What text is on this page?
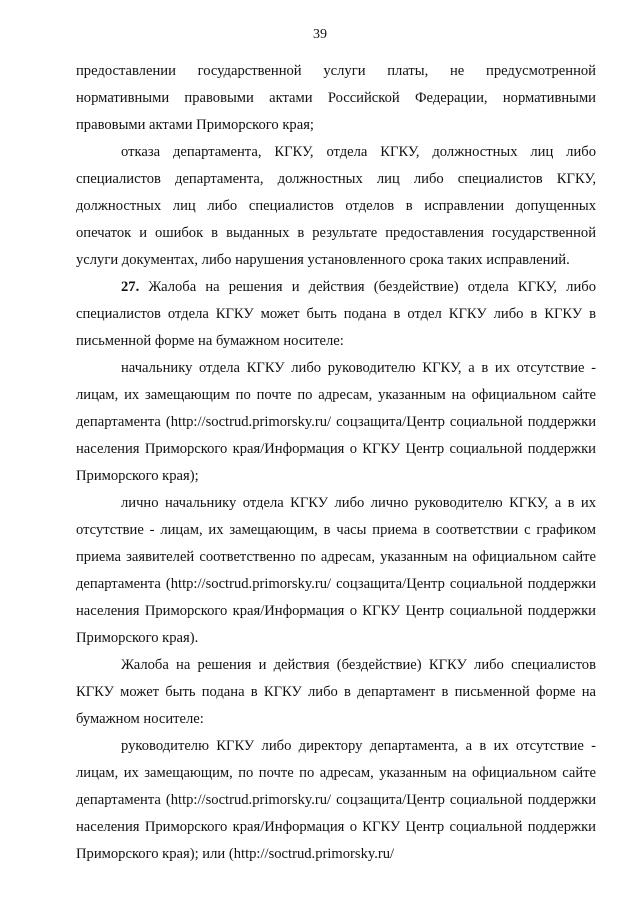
39

предоставлении государственной услуги платы, не предусмотренной нормативными правовыми актами Российской Федерации, нормативными правовыми актами Приморского края;

отказа департамента, КГКУ, отдела КГКУ, должностных лиц либо специалистов департамента, должностных лиц либо специалистов КГКУ, должностных лиц либо специалистов отделов в исправлении допущенных опечаток и ошибок в выданных в результате предоставления государственной услуги документах, либо нарушения установленного срока таких исправлений.

27. Жалоба на решения и действия (бездействие) отдела КГКУ, либо специалистов отдела КГКУ может быть подана в отдел КГКУ либо в КГКУ в письменной форме на бумажном носителе:

начальнику отдела КГКУ либо руководителю КГКУ, а в их отсутствие - лицам, их замещающим по почте по адресам, указанным на официальном сайте департамента (http://soctrud.primorsky.ru/ соцзащита/Центр социальной поддержки населения Приморского края/Информация о КГКУ Центр социальной поддержки Приморского края);

лично начальнику отдела КГКУ либо лично руководителю КГКУ, а в их отсутствие - лицам, их замещающим, в часы приема в соответствии с графиком приема заявителей соответственно по адресам, указанным на официальном сайте департамента (http://soctrud.primorsky.ru/ соцзащита/Центр социальной поддержки населения Приморского края/Информация о КГКУ Центр социальной поддержки Приморского края).

Жалоба на решения и действия (бездействие) КГКУ либо специалистов КГКУ может быть подана в КГКУ либо в департамент в письменной форме на бумажном носителе:

руководителю КГКУ либо директору департамента, а в их отсутствие - лицам, их замещающим, по почте по адресам, указанным на официальном сайте департамента (http://soctrud.primorsky.ru/ соцзащита/Центр социальной поддержки населения Приморского края/Информация о КГКУ Центр социальной поддержки Приморского края); или (http://soctrud.primorsky.ru/
